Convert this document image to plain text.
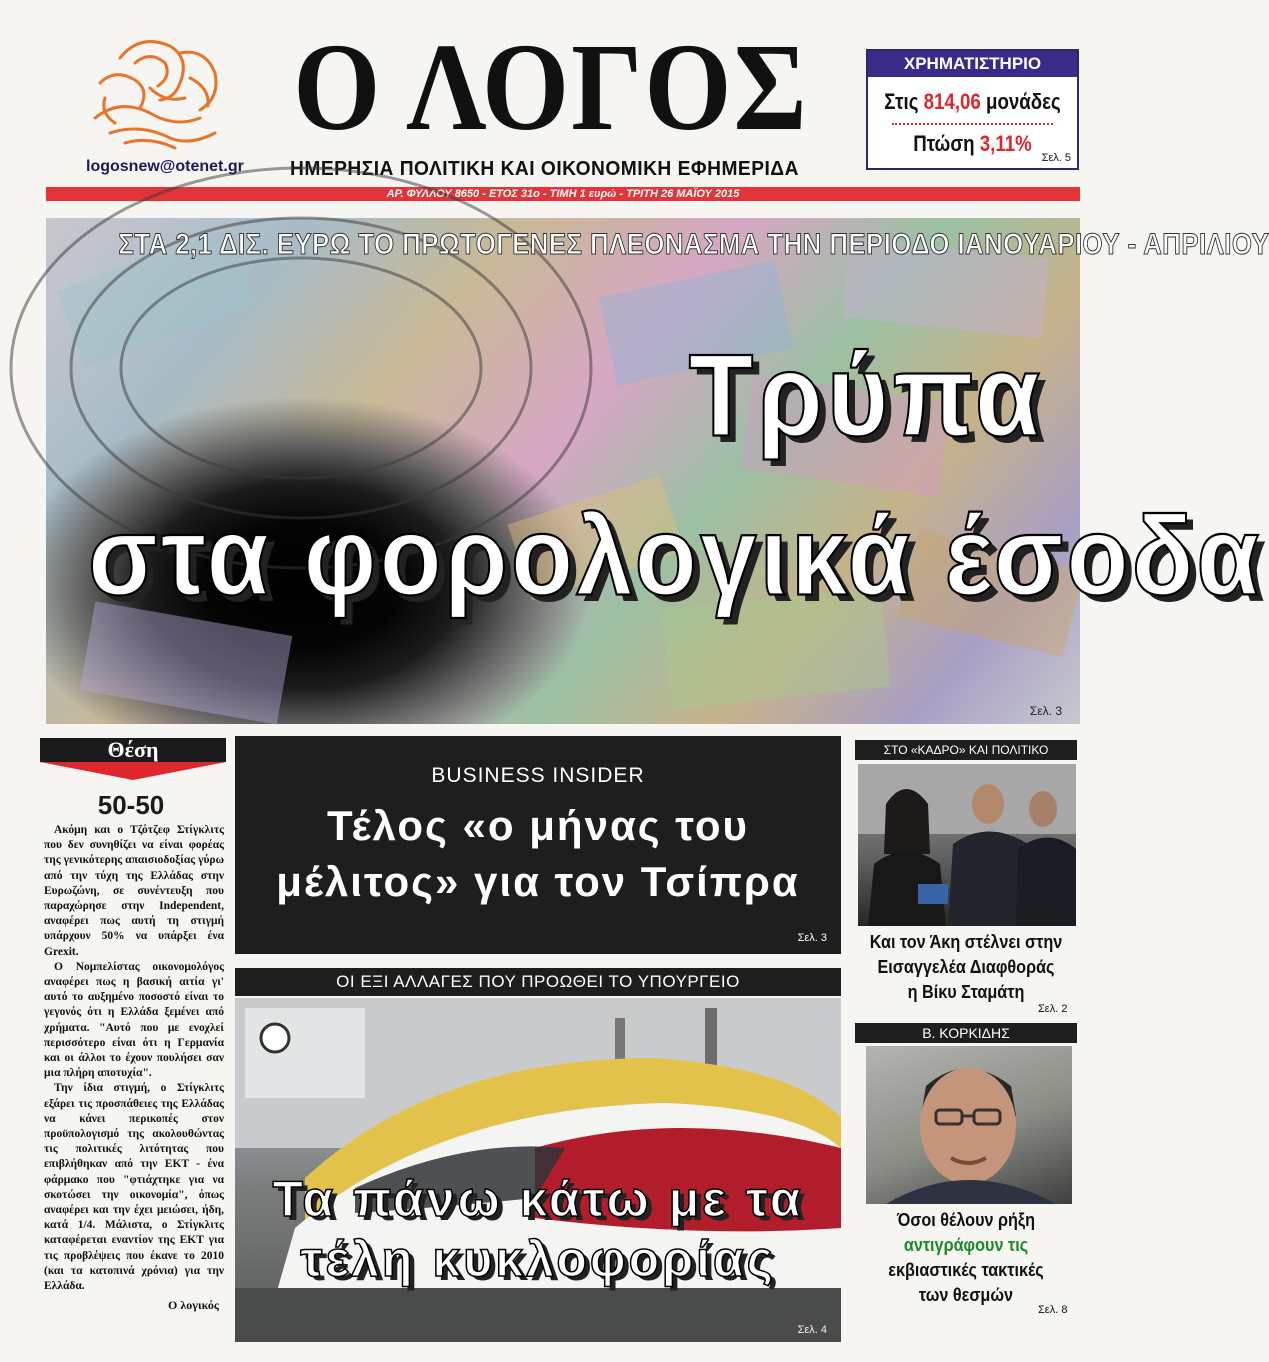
logosnew@otenet.gr
Ο ΛΟΓΟΣ
ΗΜΕΡΗΣΙΑ ΠΟΛΙΤΙΚΗ ΚΑΙ ΟΙΚΟΝΟΜΙΚΗ ΕΦΗΜΕΡΙΔΑ
ΧΡΗΜΑΤΙΣΤΗΡΙΟ
Στις 814,06 μονάδες
Πτώση 3,11%
Σελ. 5
ΑΡ. ΦΥΛΛΟΥ 8650 - ΕΤΟΣ 31ο - ΤΙΜΗ 1 ευρώ - ΤΡΙΤΗ 26 ΜΑΪΟΥ 2015
ΣΤΑ 2,1 ΔΙΣ. ΕΥΡΩ ΤΟ ΠΡΩΤΟΓΕΝΕΣ ΠΛΕΟΝΑΣΜΑ ΤΗΝ ΠΕΡΙΟΔΟ ΙΑΝΟΥΑΡΙΟΥ - ΑΠΡΙΛΙΟΥ
Τρύπα
στα φορολογικά έσοδα
Σελ. 3
Θέση
50-50

Ακόμη και ο Τζότζεφ Στίγκλιτς που δεν συνηθίζει να είναι φορέας της γενικότερης απαισιοδοξίας γύρω από την τύχη της Ελλάδας στην Ευρωζώνη, σε συνέντευξη που παραχώρησε στην Independent, αναφέρει πως αυτή τη στιγμή υπάρχουν 50% να υπάρξει ένα Grexit.

Ο Νομπελίστας οικονομολόγος αναφέρει πως η βασική αιτία γι' αυτό το αυξημένο ποσοστό είναι το γεγονός ότι η Ελλάδα ξεμένει από χρήματα. "Αυτό που με ενοχλεί περισσότερο είναι ότι η Γερμανία και οι άλλοι το έχουν πουλήσει σαν μια πλήρη αποτυχία".

Την ίδια στιγμή, ο Στίγκλιτς εξάρει τις προσπάθειες της Ελλάδας να κάνει περικοπές στον προϋπολογισμό της ακολουθώντας τις πολιτικές λιτότητας που επιβλήθηκαν από την ΕΚΤ - ένα φάρμακο που "φτιάχτηκε για να σκοτώσει την οικονομία", όπως αναφέρει και την έχει μειώσει, ήδη, κατά 1/4. Μάλιστα, ο Στίγκλιτς καταφέρεται εναντίον της ΕΚΤ για τις προβλέψεις που έκανε το 2010 (και τα κατοπινά χρόνια) για την Ελλάδα.

Ο λογικός
BUSINESS INSIDER
Τέλος «ο μήνας του
μέλιτος» για τον Τσίπρα
Σελ. 3
ΟΙ ΕΞΙ ΑΛΛΑΓΕΣ ΠΟΥ ΠΡΟΩΘΕΙ ΤΟ ΥΠΟΥΡΓΕΙΟ
Τα πάνω κάτω με τα
τέλη κυκλοφορίας
Σελ. 4
ΣΤΟ «ΚΑΔΡΟ» ΚΑΙ ΠΟΛΙΤΙΚΟ
Και τον Άκη στέλνει στην
Εισαγγελέα Διαφθοράς
η Βίκυ Σταμάτη
Σελ. 2
Β. ΚΟΡΚΙΔΗΣ
Όσοι θέλουν ρήξη
αντιγράφουν τις
εκβιαστικές τακτικές
των θεσμών
Σελ. 8
